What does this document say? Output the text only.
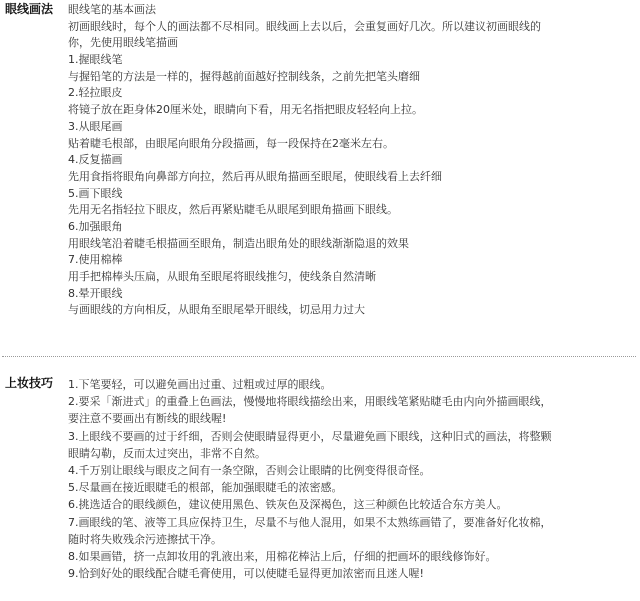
眼线画法 眼线笔的基本画法
初画眼线时，每个人的画法都不尽相同。眼线画上去以后，会重复画好几次。所以建议初画眼线的
你，先使用眼线笔描画
1.握眼线笔
与握铅笔的方法是一样的，握得越前面越好控制线条，之前先把笔头磨细
2.轻拉眼皮
将镜子放在距身体20厘米处，眼睛向下看，用无名指把眼皮轻轻向上拉。
3.从眼尾画
贴着睫毛根部，由眼尾向眼角分段描画，每一段保持在2毫米左右。
4.反复描画
先用食指将眼角向鼻部方向拉，然后再从眼角描画至眼尾，使眼线看上去纤细
5.画下眼线
先用无名指轻拉下眼皮，然后再紧贴睫毛从眼尾到眼角描画下眼线。
6.加强眼角
用眼线笔沿着睫毛根描画至眼角，制造出眼角处的眼线渐渐隐退的效果
7.使用棉棒
用手把棉棒头压扁，从眼角至眼尾将眼线推匀，使线条自然清晰
8.晕开眼线
与画眼线的方向相反，从眼角至眼尾晕开眼线，切忌用力过大
上妆技巧 1.下笔要轻，可以避免画出过重、过粗或过厚的眼线。
2.要采「渐进式」的重叠上色画法，慢慢地将眼线描绘出来，用眼线笔紧贴睫毛由内向外描画眼线，
要注意不要画出有断线的眼线喔!
3.上眼线不要画的过于纤细，否则会使眼睛显得更小，尽量避免画下眼线，这种旧式的画法，将整颗
眼睛勾勒，反而太过突出，非常不自然。
4.千万别让眼线与眼皮之间有一条空隙，否则会让眼睛的比例变得很奇怪。
5.尽量画在接近眼睫毛的根部，能加强眼睫毛的浓密感。
6.挑选适合的眼线颜色，建议使用黑色、铁灰色及深褐色，这三种颜色比较适合东方美人。
7.画眼线的笔、液等工具应保持卫生，尽量不与他人混用，如果不太熟练画错了，要准备好化妆棉，
随时将失败残余污迹擦拭干净。
8.如果画错，挤一点卸妆用的乳液出来，用棉花棒沾上后，仔细的把画坏的眼线修饰好。
9.恰到好处的眼线配合睫毛膏使用，可以使睫毛显得更加浓密而且迷人喔!
